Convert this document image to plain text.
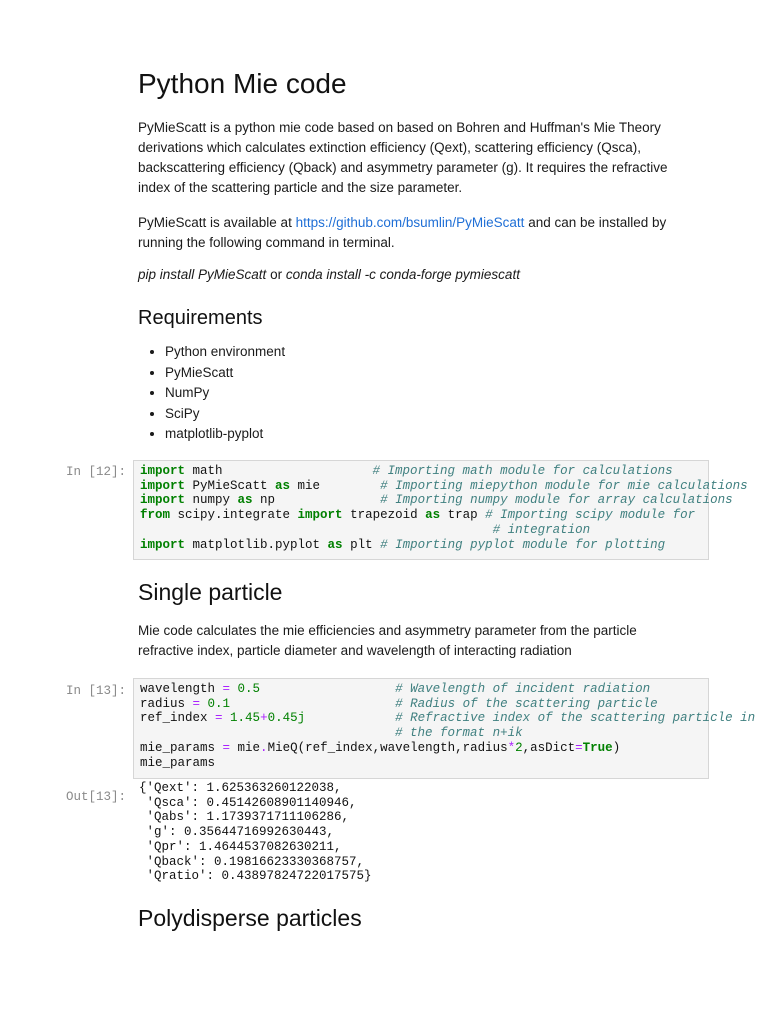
Python Mie code

PyMieScatt is a python mie code based on based on Bohren and Huffman's Mie Theory derivations which calculates extinction efficiency (Qext), scattering efficiency (Qsca), backscattering efficiency (Qback) and asymmetry parameter (g). It requires the refractive index of the scattering particle and the size parameter.

PyMieScatt is available at https://github.com/bsumlin/PyMieScatt and can be installed by running the following command in terminal.

pip install PyMieScatt or conda install -c conda-forge pymiescatt

Requirements
• Python environment
• PyMieScatt
• NumPy
• SciPy
• matplotlib-pyplot
In [12]:	import math                    # Importing math module for calculations
import PyMieScatt as mie        # Importing miepython module for mie calculations
import numpy as np              # Importing numpy module for array calculations
from scipy.integrate import trapezoid as trap # Importing scipy module for
# integration
import matplotlib.pyplot as plt # Importing pyplot module for plotting
Single particle

Mie code calculates the mie efficiencies and asymmetry parameter from the particle refractive index, particle diameter and wavelength of interacting radiation

In [13]:	wavelength = 0.5	# Wavelength of incident radiation
radius = 0.1	# Radius of the scattering particle
ref_index = 1.45+0.45j	# Refractive index of the scattering particle in
# the format n+ik
mie_params = mie.MieQ(ref_index,wavelength,radius*2,asDict=True)
mie_params
Out[13]:
{'Qext': 1.625363260122038,
'Qsca': 0.45142608901140946,
'Qabs': 1.1739371711106286,
'g': 0.35644716992630443,
'Qpr': 1.4644537082630211,
'Qback': 0.19816623330368757,
'Qratio': 0.43897824722017575}
Polydisperse particles
